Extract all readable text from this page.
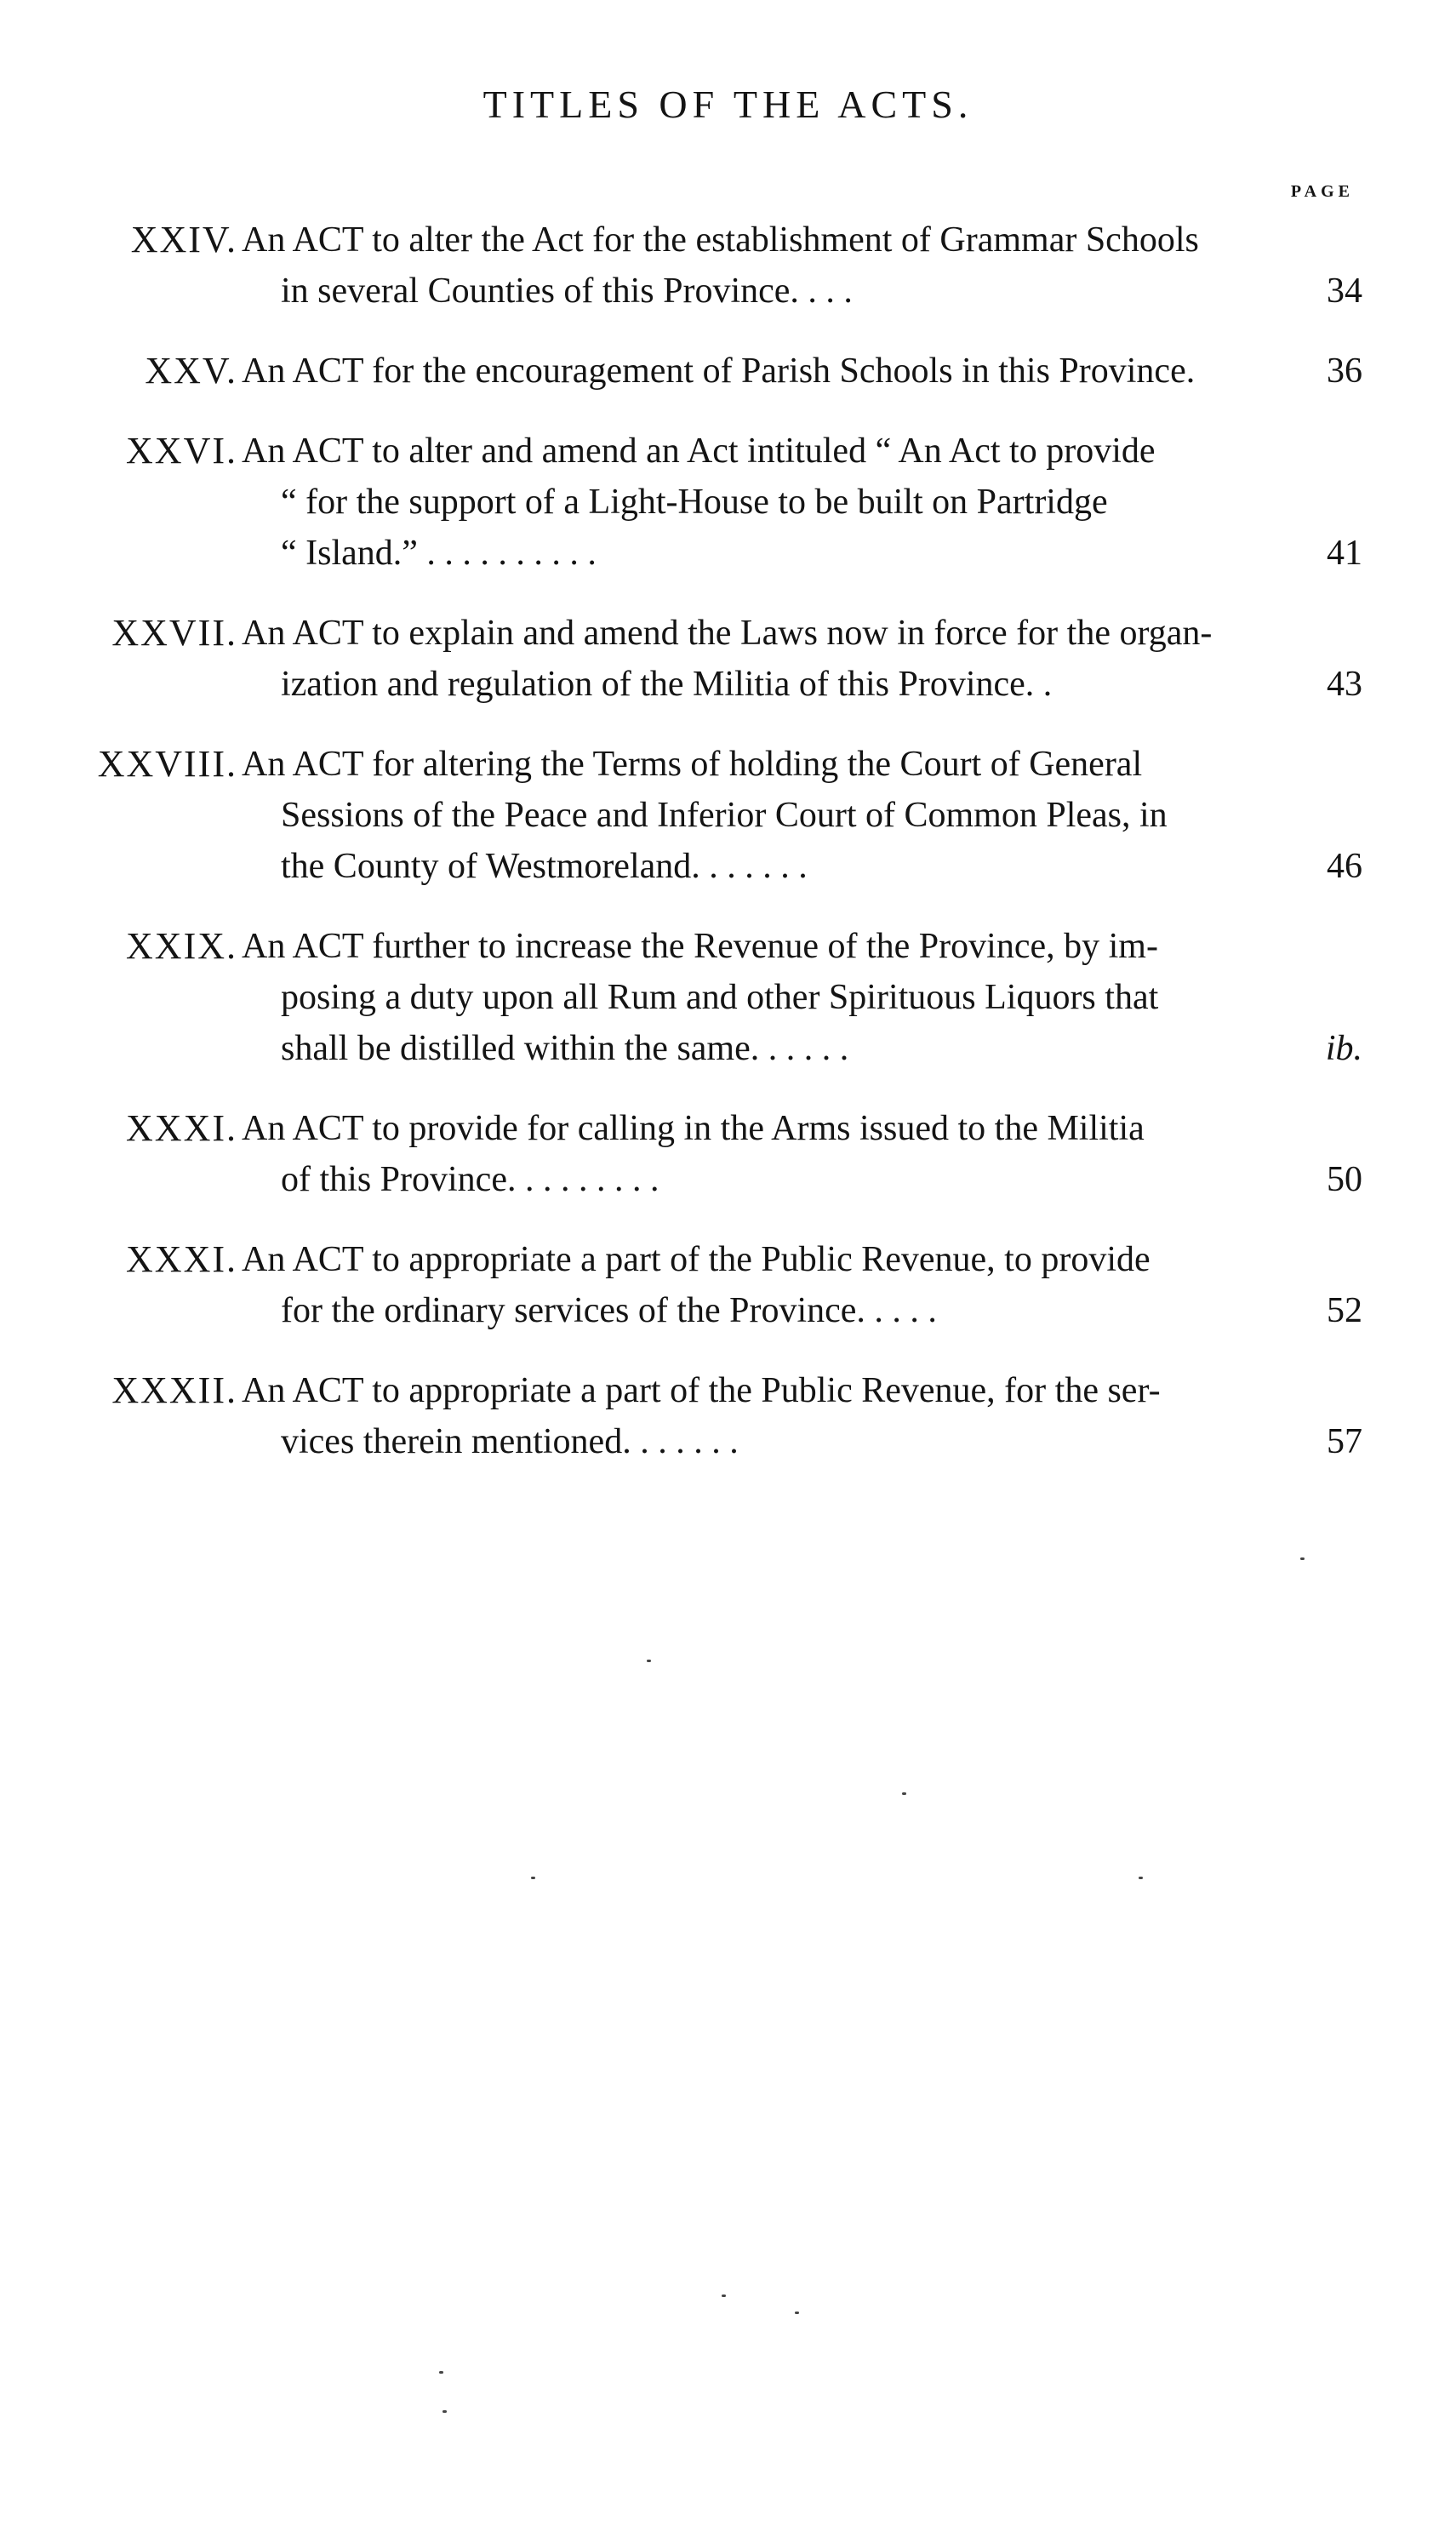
TITLES OF THE ACTS.
PAGE
XXIV. An ACT to alter the Act for the establishment of Grammar Schools
in several Counties of this Province. . . .	34
XXV. An ACT for the encouragement of Parish Schools in this Province.	36
XXVI. An ACT to alter and amend an Act intituled “ An Act to provide
“ for the support of a Light-House to be built on Partridge
“ Island.” . . . . . . . . . .	41
XXVII. An ACT to explain and amend the Laws now in force for the organ-
ization and regulation of the Militia of this Province. .	43
XXVIII. An ACT for altering the Terms of holding the Court of General
Sessions of the Peace and Inferior Court of Common Pleas, in
the County of Westmoreland. . . . . . .	46
XXIX. An ACT further to increase the Revenue of the Province, by im-
posing a duty upon all Rum and other Spirituous Liquors that
shall be distilled within the same. . . . . .	ib.
XXXI. An ACT to provide for calling in the Arms issued to the Militia
of this Province. . . . . . . . .	50
XXXI. An ACT to appropriate a part of the Public Revenue, to provide
for the ordinary services of the Province. . . . .	52
XXXII. An ACT to appropriate a part of the Public Revenue, for the ser-
vices therein mentioned. . . . . . .	57
